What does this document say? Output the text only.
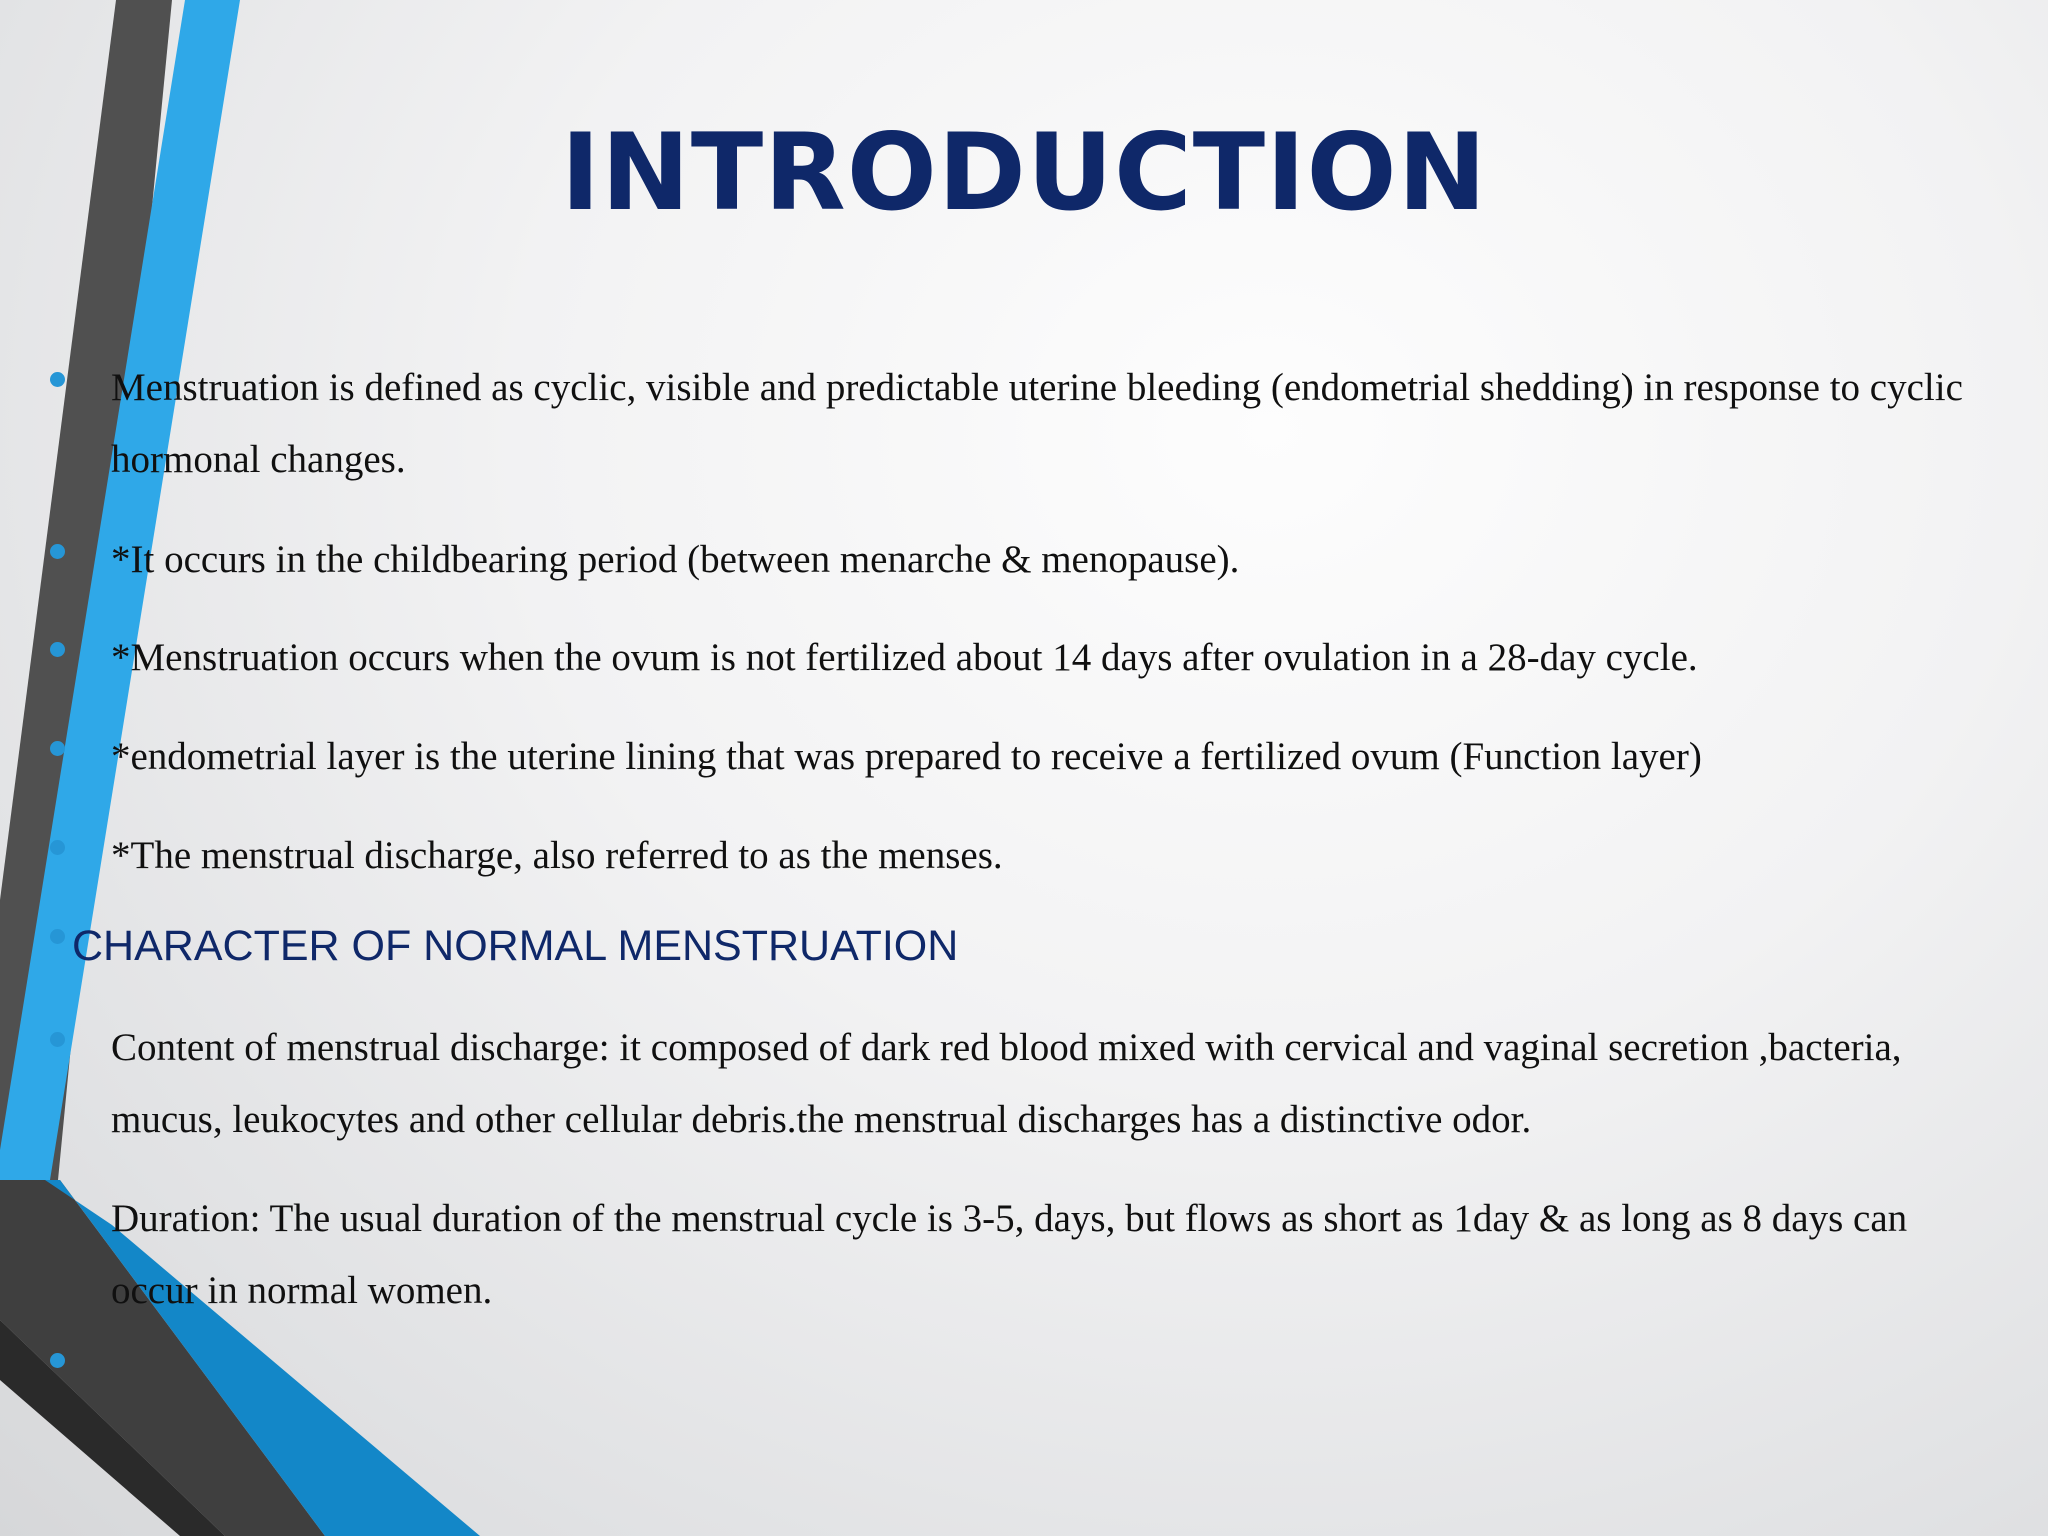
INTRODUCTION
Menstruation is defined as cyclic, visible and predictable uterine bleeding (endometrial shedding) in response to cyclic hormonal changes.
*It occurs in the childbearing period (between menarche & menopause).
*Menstruation occurs when the ovum is not fertilized about 14 days after ovulation in a 28-day cycle.
*endometrial layer is the uterine lining that was prepared to receive a fertilized ovum (Function layer)
*The menstrual discharge, also referred to as the menses.
CHARACTER OF NORMAL MENSTRUATION
Content of menstrual discharge: it composed of dark red blood mixed with cervical and vaginal secretion ,bacteria, mucus, leukocytes and other cellular debris.the menstrual discharges has a distinctive odor.
Duration: The usual duration of the menstrual cycle is 3-5, days, but flows as short as 1day & as long as 8 days can occur in normal women.
